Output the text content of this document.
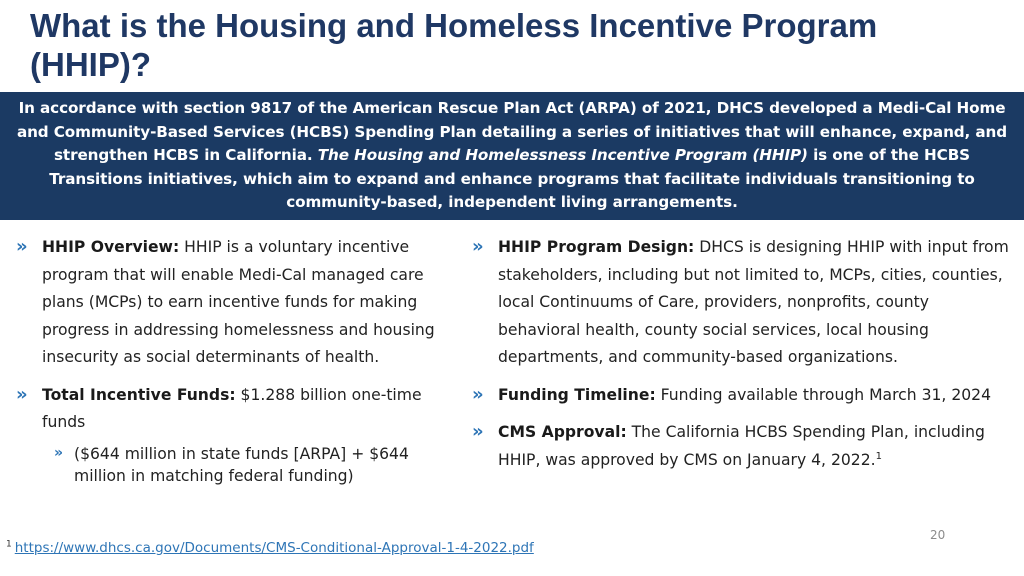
What is the Housing and Homeless Incentive Program (HHIP)?

In accordance with section 9817 of the American Rescue Plan Act (ARPA) of 2021, DHCS developed a Medi-Cal Home and Community-Based Services (HCBS) Spending Plan detailing a series of initiatives that will enhance, expand, and strengthen HCBS in California. The Housing and Homelessness Incentive Program (HHIP) is one of the HCBS Transitions initiatives, which aim to expand and enhance programs that facilitate individuals transitioning to community-based, independent living arrangements.

» HHIP Overview: HHIP is a voluntary incentive program that will enable Medi-Cal managed care plans (MCPs) to earn incentive funds for making progress in addressing homelessness and housing insecurity as social determinants of health.
» Total Incentive Funds: $1.288 billion one-time funds
» ($644 million in state funds [ARPA] + $644 million in matching federal funding)
» HHIP Program Design: DHCS is designing HHIP with input from stakeholders, including but not limited to, MCPs, cities, counties, local Continuums of Care, providers, nonprofits, county behavioral health, county social services, local housing departments, and community-based organizations.
» Funding Timeline: Funding available through March 31, 2024
» CMS Approval: The California HCBS Spending Plan, including HHIP, was approved by CMS on January 4, 2022.$^1$
20
$^1$ https://www.dhcs.ca.gov/Documents/CMS-Conditional-Approval-1-4-2022.pdf
